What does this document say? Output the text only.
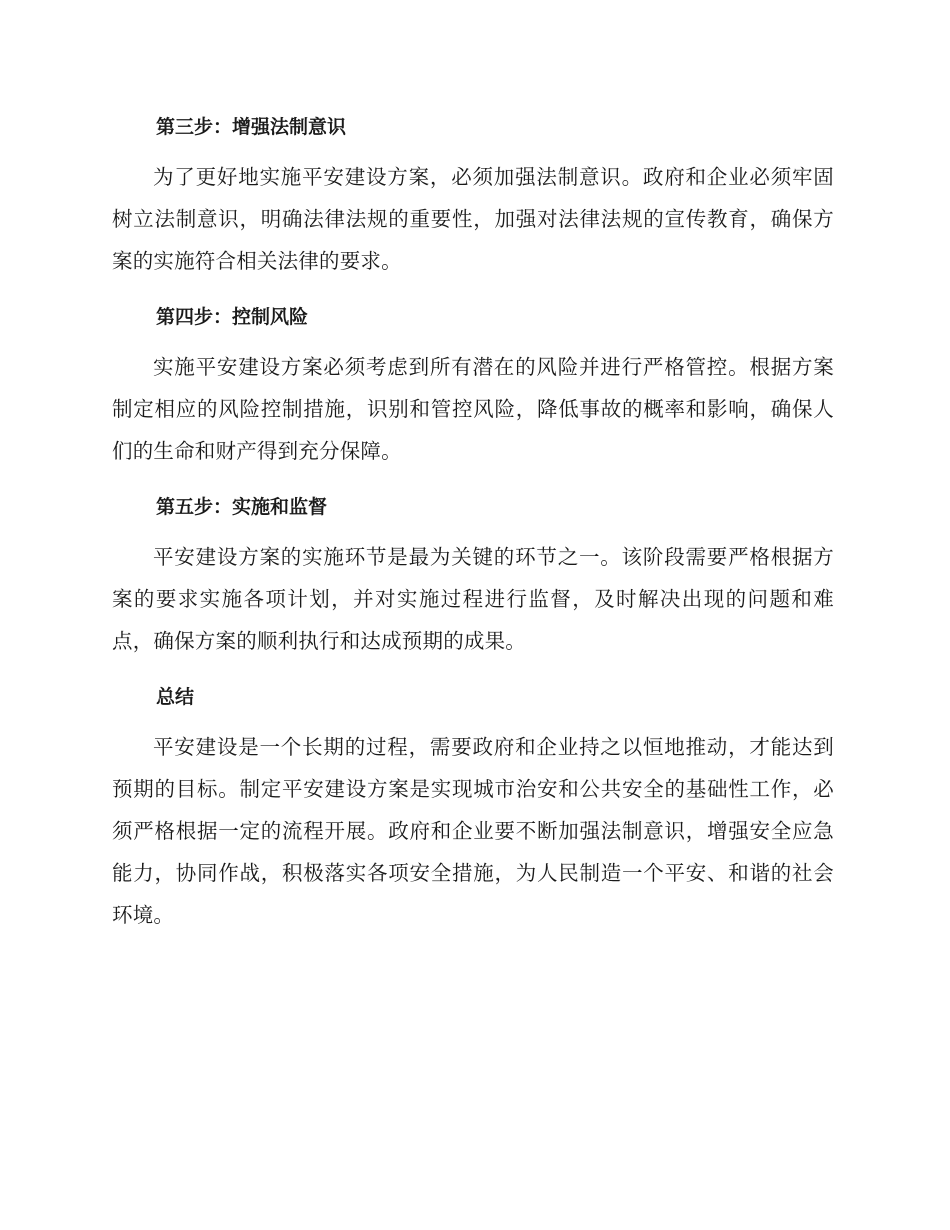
第三步：增强法制意识

为了更好地实施平安建设方案，必须加强法制意识。政府和企业必须牢固树立法制意识，明确法律法规的重要性，加强对法律法规的宣传教育，确保方案的实施符合相关法律的要求。

第四步：控制风险

实施平安建设方案必须考虑到所有潜在的风险并进行严格管控。根据方案制定相应的风险控制措施，识别和管控风险，降低事故的概率和影响，确保人们的生命和财产得到充分保障。

第五步：实施和监督

平安建设方案的实施环节是最为关键的环节之一。该阶段需要严格根据方案的要求实施各项计划，并对实施过程进行监督，及时解决出现的问题和难点，确保方案的顺利执行和达成预期的成果。

总结

平安建设是一个长期的过程，需要政府和企业持之以恒地推动，才能达到预期的目标。制定平安建设方案是实现城市治安和公共安全的基础性工作，必须严格根据一定的流程开展。政府和企业要不断加强法制意识，增强安全应急能力，协同作战，积极落实各项安全措施，为人民制造一个平安、和谐的社会环境。
